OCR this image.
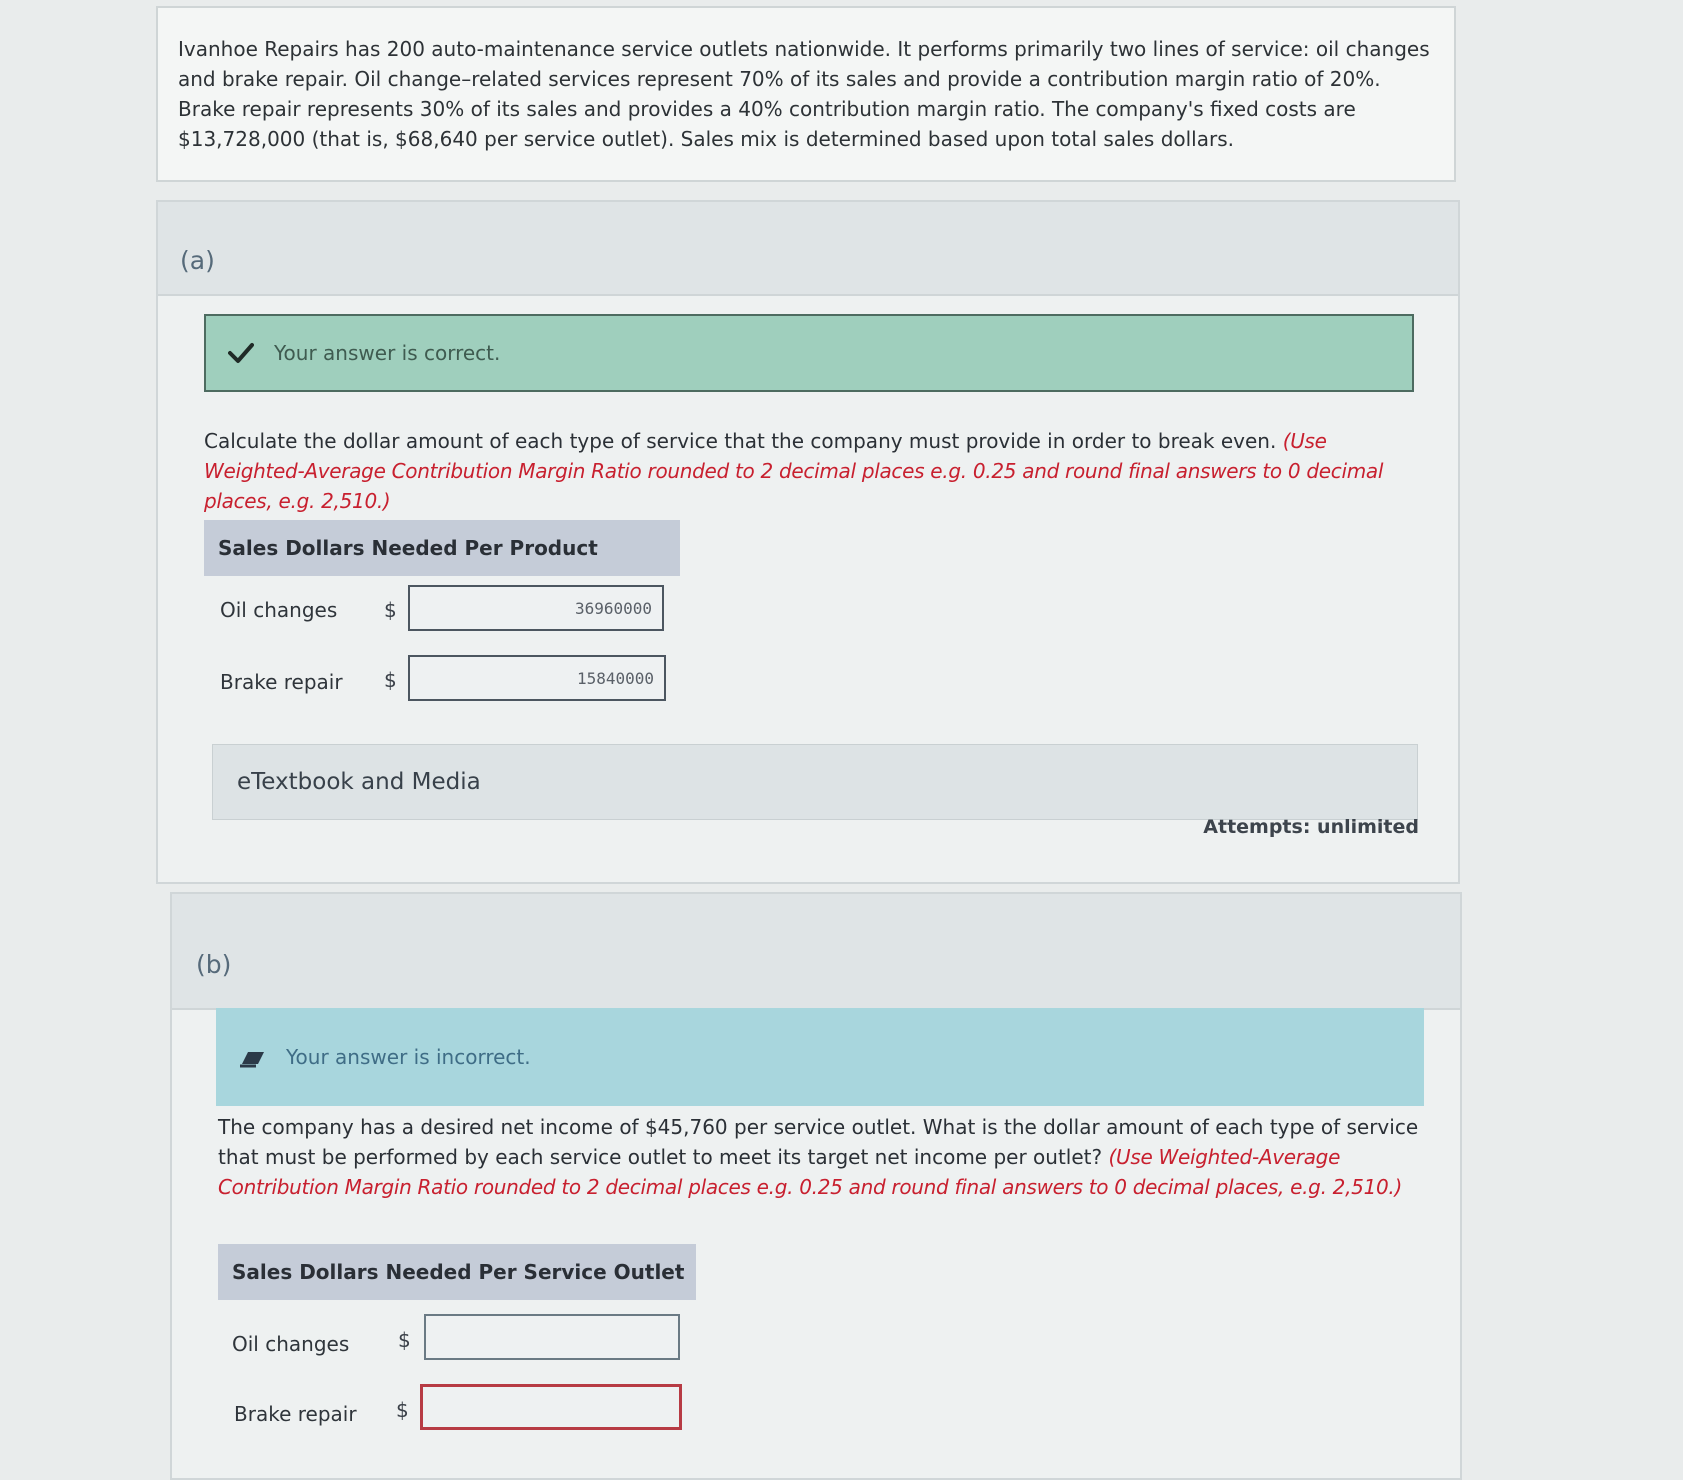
Ivanhoe Repairs has 200 auto-maintenance service outlets nationwide. It performs primarily two lines of service: oil changes and brake repair. Oil change–related services represent 70% of its sales and provide a contribution margin ratio of 20%. Brake repair represents 30% of its sales and provides a 40% contribution margin ratio. The company's fixed costs are $13,728,000 (that is, $68,640 per service outlet). Sales mix is determined based upon total sales dollars.
(a)
Your answer is correct.
Calculate the dollar amount of each type of service that the company must provide in order to break even. (Use Weighted-Average Contribution Margin Ratio rounded to 2 decimal places e.g. 0.25 and round final answers to 0 decimal places, e.g. 2,510.)
Sales Dollars Needed Per Product
Oil changes $
36960000
Brake repair $
15840000
eTextbook and Media
Attempts: unlimited
(b)
Your answer is incorrect.
The company has a desired net income of $45,760 per service outlet. What is the dollar amount of each type of service that must be performed by each service outlet to meet its target net income per outlet? (Use Weighted-Average Contribution Margin Ratio rounded to 2 decimal places e.g. 0.25 and round final answers to 0 decimal places, e.g. 2,510.)
Sales Dollars Needed Per Service Outlet
Oil changes $
Brake repair $
